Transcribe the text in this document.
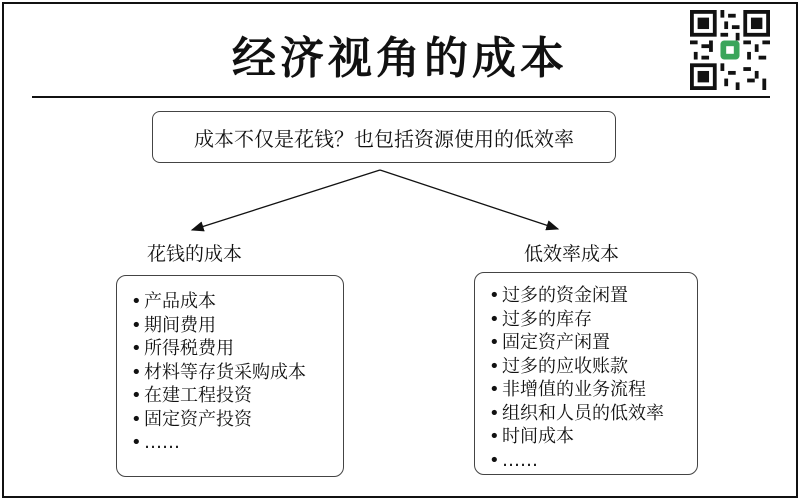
经济视角的成本
成本不仅是花钱？也包括资源使用的低效率
花钱的成本	低效率成本
• 产品成本
• 期间费用
• 所得税费用
• 材料等存货采购成本
• 在建工程投资
• 固定资产投资
• ……
• 过多的资金闲置
• 过多的库存
• 固定资产闲置
• 过多的应收账款
• 非增值的业务流程
• 组织和人员的低效率
• 时间成本
• ……
